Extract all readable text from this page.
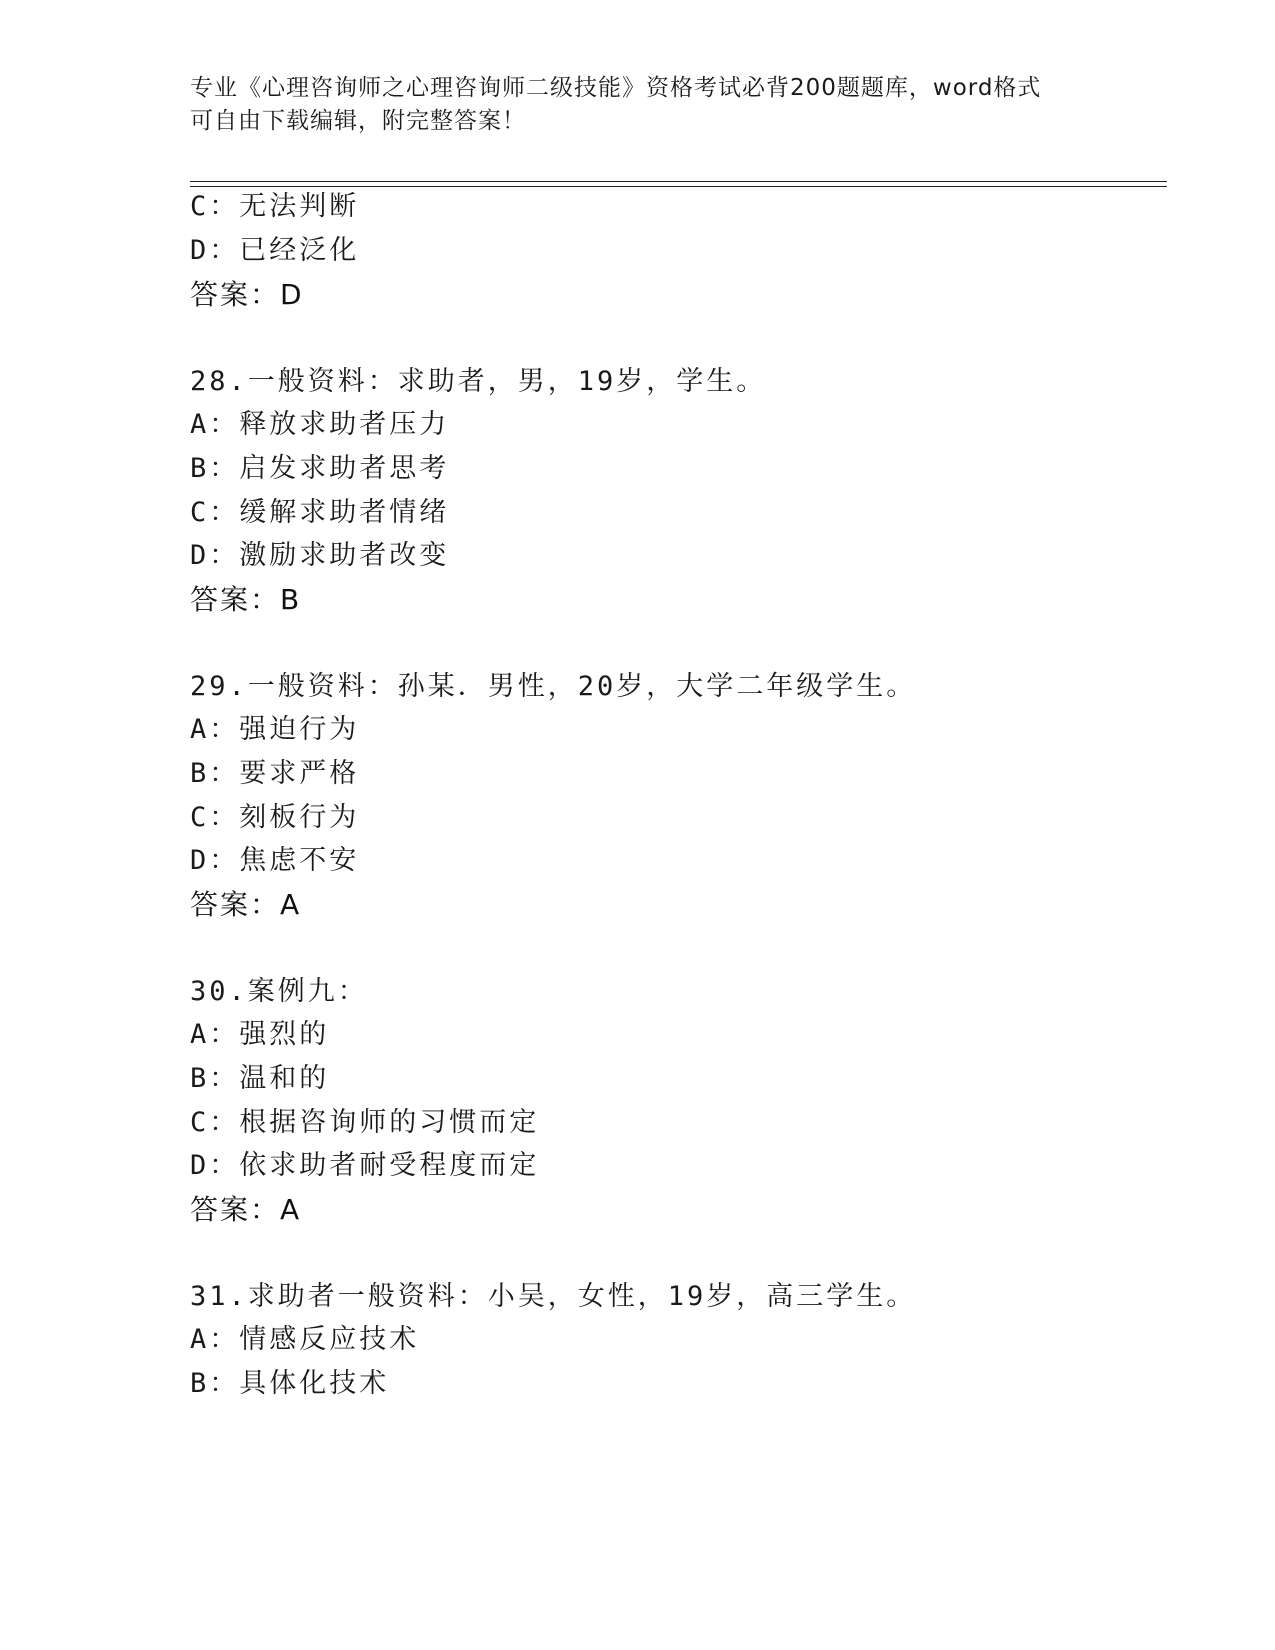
专业《心理咨询师之心理咨询师二级技能》资格考试必背200题题库，word格式
可自由下载编辑，附完整答案！
C：无法判断
D：已经泛化
答案：D
28.一般资料：求助者，男，19岁，学生。
A：释放求助者压力
B：启发求助者思考
C：缓解求助者情绪
D：激励求助者改变
答案：B
29.一般资料：孙某．男性，20岁，大学二年级学生。
A：强迫行为
B：要求严格
C：刻板行为
D：焦虑不安
答案：A
30.案例九：
A：强烈的
B：温和的
C：根据咨询师的习惯而定
D：依求助者耐受程度而定
答案：A
31.求助者一般资料：小吴，女性，19岁，高三学生。
A：情感反应技术
B：具体化技术
